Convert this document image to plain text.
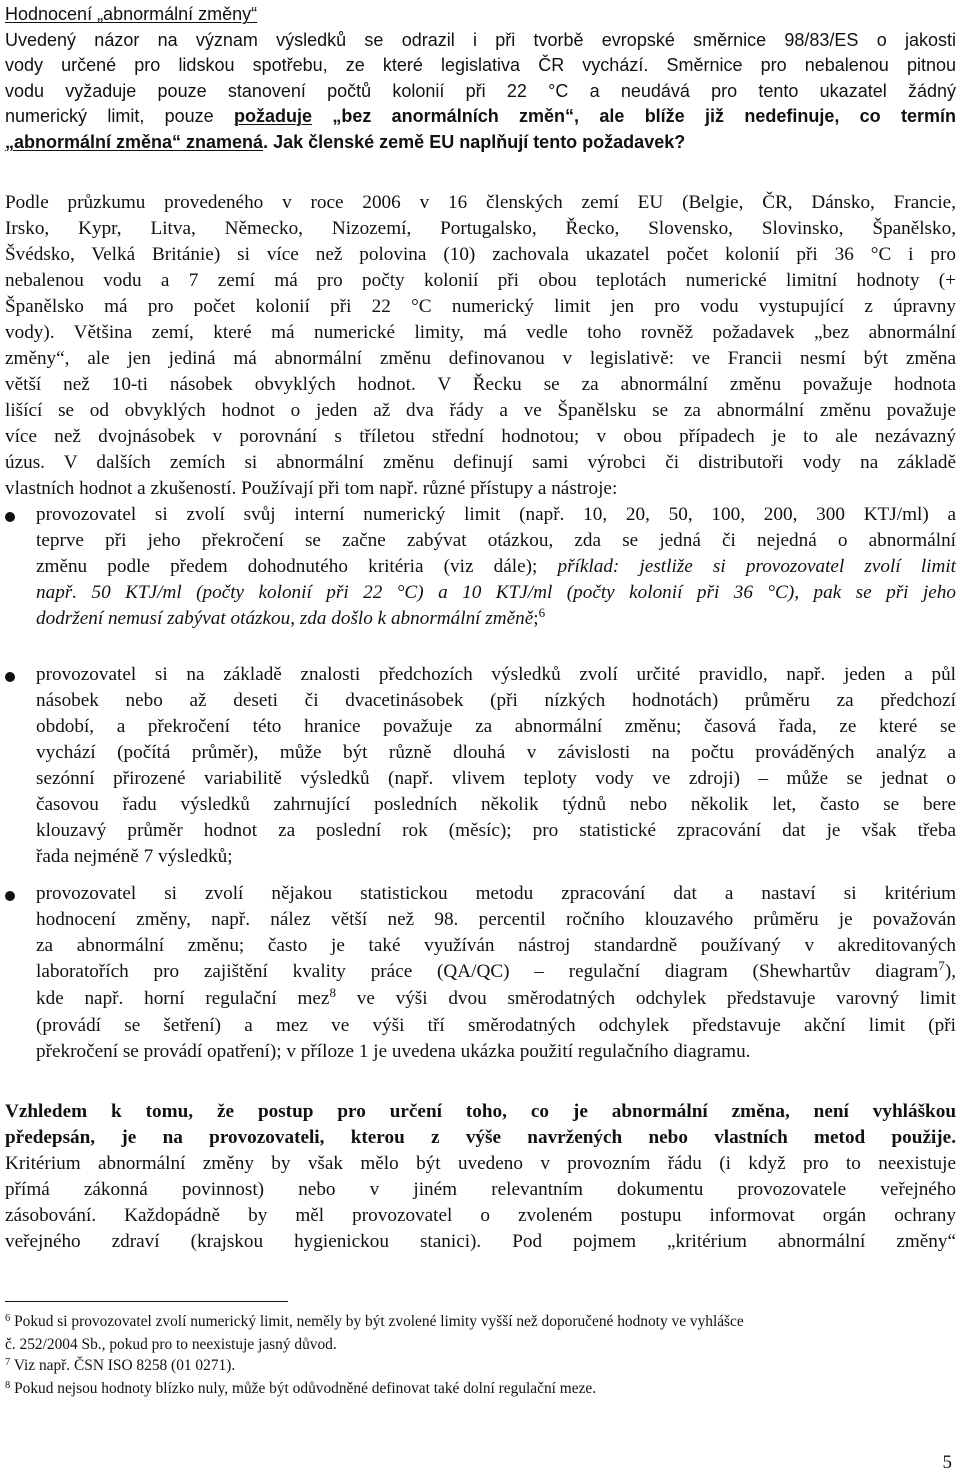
Hodnocení „abnormální změny“
Uvedený názor na význam výsledků se odrazil i při tvorbě evropské směrnice 98/83/ES o jakosti
vody určené pro lidskou spotřebu, ze které legislativa ČR vychází. Směrnice pro nebalenou pitnou
vodu vyžaduje pouze stanovení počtů kolonií při 22 °C a neudává pro tento ukazatel žádný
numerický limit, pouze požaduje „bez anormálních změn“, ale blíže již nedefinuje, co termín
„abnormální změna“ znamená. Jak členské země EU naplňují tento požadavek?
Podle průzkumu provedeného v roce 2006 v 16 členských zemí EU (Belgie, ČR, Dánsko, Francie,
Irsko, Kypr, Litva, Německo, Nizozemí, Portugalsko, Řecko, Slovensko, Slovinsko, Španělsko,
Švédsko, Velká Británie) si více než polovina (10) zachovala ukazatel počet kolonií při 36 °C i pro
nebalenou vodu a 7 zemí má pro počty kolonií při obou teplotách numerické limitní hodnoty (+
Španělsko má pro počet kolonií při 22 °C numerický limit jen pro vodu vystupující z úpravny
vody). Většina zemí, které má numerické limity, má vedle toho rovněž požadavek „bez abnormální
změny“, ale jen jediná má abnormální změnu definovanou v legislativě: ve Francii nesmí být změna
větší než 10-ti násobek obvyklých hodnot. V Řecku se za abnormální změnu považuje hodnota
lišící se od obvyklých hodnot o jeden až dva řády a ve Španělsku se za abnormální změnu považuje
více než dvojnásobek v porovnání s tříletou střední hodnotou; v obou případech je to ale nezávazný
úzus. V dalších zemích si abnormální změnu definují sami výrobci či distributoři vody na základě
vlastních hodnot a zkušeností. Používají při tom např. různé přístupy a nástroje:
provozovatel si zvolí svůj interní numerický limit (např. 10, 20, 50, 100, 200, 300 KTJ/ml) a
teprve při jeho překročení se začne zabývat otázkou, zda se jedná či nejedná o abnormální
změnu podle předem dohodnutého kritéria (viz dále); příklad: jestliže si provozovatel zvolí limit
např. 50 KTJ/ml (počty kolonií při 22 °C) a 10 KTJ/ml (počty kolonií při 36 °C), pak se při jeho
dodržení nemusí zabývat otázkou, zda došlo k abnormální změně;$^6$
provozovatel si na základě znalosti předchozích výsledků zvolí určité pravidlo, např. jeden a půl
násobek nebo až deseti či dvacetinásobek (při nízkých hodnotách) průměru za předchozí
období, a překročení této hranice považuje za abnormální změnu; časová řada, ze které se
vychází (počítá průměr), může být různě dlouhá v závislosti na počtu prováděných analýz a
sezónní přirozené variabilitě výsledků (např. vlivem teploty vody ve zdroji) – může se jednat o
časovou řadu výsledků zahrnující posledních několik týdnů nebo několik let, často se bere
klouzavý průměr hodnot za poslední rok (měsíc); pro statistické zpracování dat je však třeba
řada nejméně 7 výsledků;
provozovatel si zvolí nějakou statistickou metodu zpracování dat a nastaví si kritérium
hodnocení změny, např. nález větší než 98. percentil ročního klouzavého průměru je považován
za abnormální změnu; často je také využíván nástroj standardně používaný v akreditovaných
laboratořích pro zajištění kvality práce (QA/QC) – regulační diagram (Shewhartův diagram$^7$),
kde např. horní regulační mez$^8$ ve výši dvou směrodatných odchylek představuje varovný limit
(provádí se šetření) a mez ve výši tří směrodatných odchylek představuje akční limit (při
překročení se provádí opatření); v příloze 1 je uvedena ukázka použití regulačního diagramu.
Vzhledem k tomu, že postup pro určení toho, co je abnormální změna, není vyhláškou
předepsán, je na provozovateli, kterou z výše navržených nebo vlastních metod použije.
Kritérium abnormální změny by však mělo být uvedeno v provozním řádu (i když pro to neexistuje
přímá zákonná povinnost) nebo v jiném relevantním dokumentu provozovatele veřejného
zásobování. Každopádně by měl provozovatel o zvoleném postupu informovat orgán ochrany
veřejného zdraví (krajskou hygienickou stanici). Pod pojmem „kritérium abnormální změny“
$^6$ Pokud si provozovatel zvolí numerický limit, neměly by být zvolené limity vyšší než doporučené hodnoty ve vyhlášce
č. 252/2004 Sb., pokud pro to neexistuje jasný důvod.
$^7$ Viz např. ČSN ISO 8258 (01 0271).
$^8$ Pokud nejsou hodnoty blízko nuly, může být odůvodněné definovat také dolní regulační meze.
5
